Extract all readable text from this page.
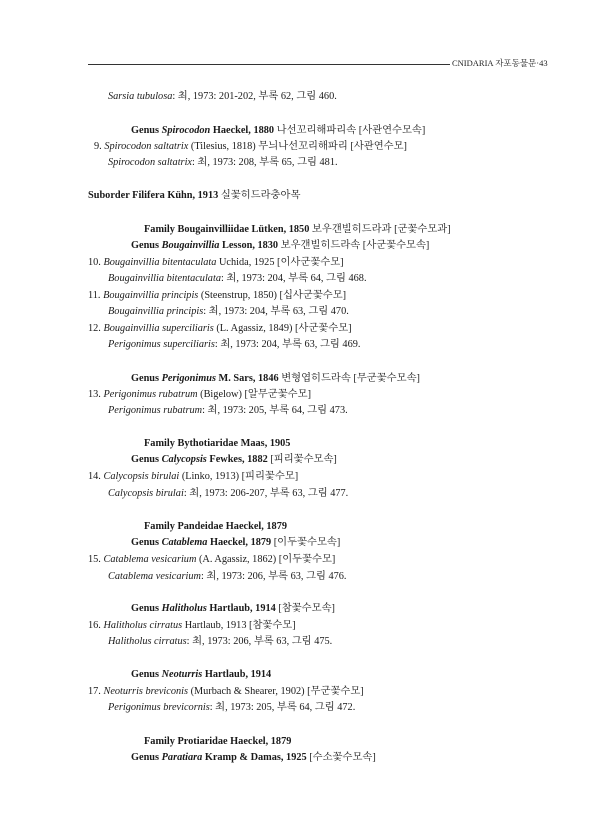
CNIDARIA 자포동물문·43
Sarsia tubulosa: 최, 1973: 201-202, 부록 62, 그림 460.
Genus Spirocodon Haeckel, 1880 나선꼬리해파리속 [사관연수모속]
9. Spirocodon saltatrix (Tilesius, 1818) 무늬나선꼬리해파리 [사관연수모]
Spirocodon saltatrix: 최, 1973: 208, 부록 65, 그림 481.
Suborder Filifera Kühn, 1913 실꽃히드라충아목
Family Bougainvilliidae Lütken, 1850 보우갠빌히드라과 [군꽃수모과]
Genus Bougainvillia Lesson, 1830 보우갠빌히드라속 [사군꽃수모속]
10. Bougainvillia bitentaculata Uchida, 1925 [이사군꽃수모]
Bougainvillia bitentaculata: 최, 1973: 204, 부록 64, 그림 468.
11. Bougainvillia principis (Steenstrup, 1850) [십사군꽃수모]
Bougainvillia principis: 최, 1973: 204, 부록 63, 그림 470.
12. Bougainvillia superciliaris (L. Agassiz, 1849) [사군꽃수모]
Perigonimus superciliaris: 최, 1973: 204, 부록 63, 그림 469.
Genus Perigonimus M. Sars, 1846 변형엽히드라속 [무군꽃수모속]
13. Perigonimus rubatrum (Bigelow) [알무군꽃수모]
Perigonimus rubatrum: 최, 1973: 205, 부록 64, 그림 473.
Family Bythotiaridae Maas, 1905
Genus Calycopsis Fewkes, 1882 [피리꽃수모속]
14. Calycopsis birulai (Linko, 1913) [피리꽃수모]
Calycopsis birulai: 최, 1973: 206-207, 부록 63, 그림 477.
Family Pandeidae Haeckel, 1879
Genus Catablema Haeckel, 1879 [이두꽃수모속]
15. Catablema vesicarium (A. Agassiz, 1862) [이두꽃수모]
Catablema vesicarium: 최, 1973: 206, 부록 63, 그림 476.
Genus Halitholus Hartlaub, 1914 [참꽃수모속]
16. Halitholus cirratus Hartlaub, 1913 [참꽃수모]
Halitholus cirratus: 최, 1973: 206, 부록 63, 그림 475.
Genus Neoturris Hartlaub, 1914
17. Neoturris breviconis (Murbach & Shearer, 1902) [무군꽃수모]
Perigonimus brevicornis: 최, 1973: 205, 부록 64, 그림 472.
Family Protiaridae Haeckel, 1879
Genus Paratiara Kramp & Damas, 1925 [수소꽃수모속]
